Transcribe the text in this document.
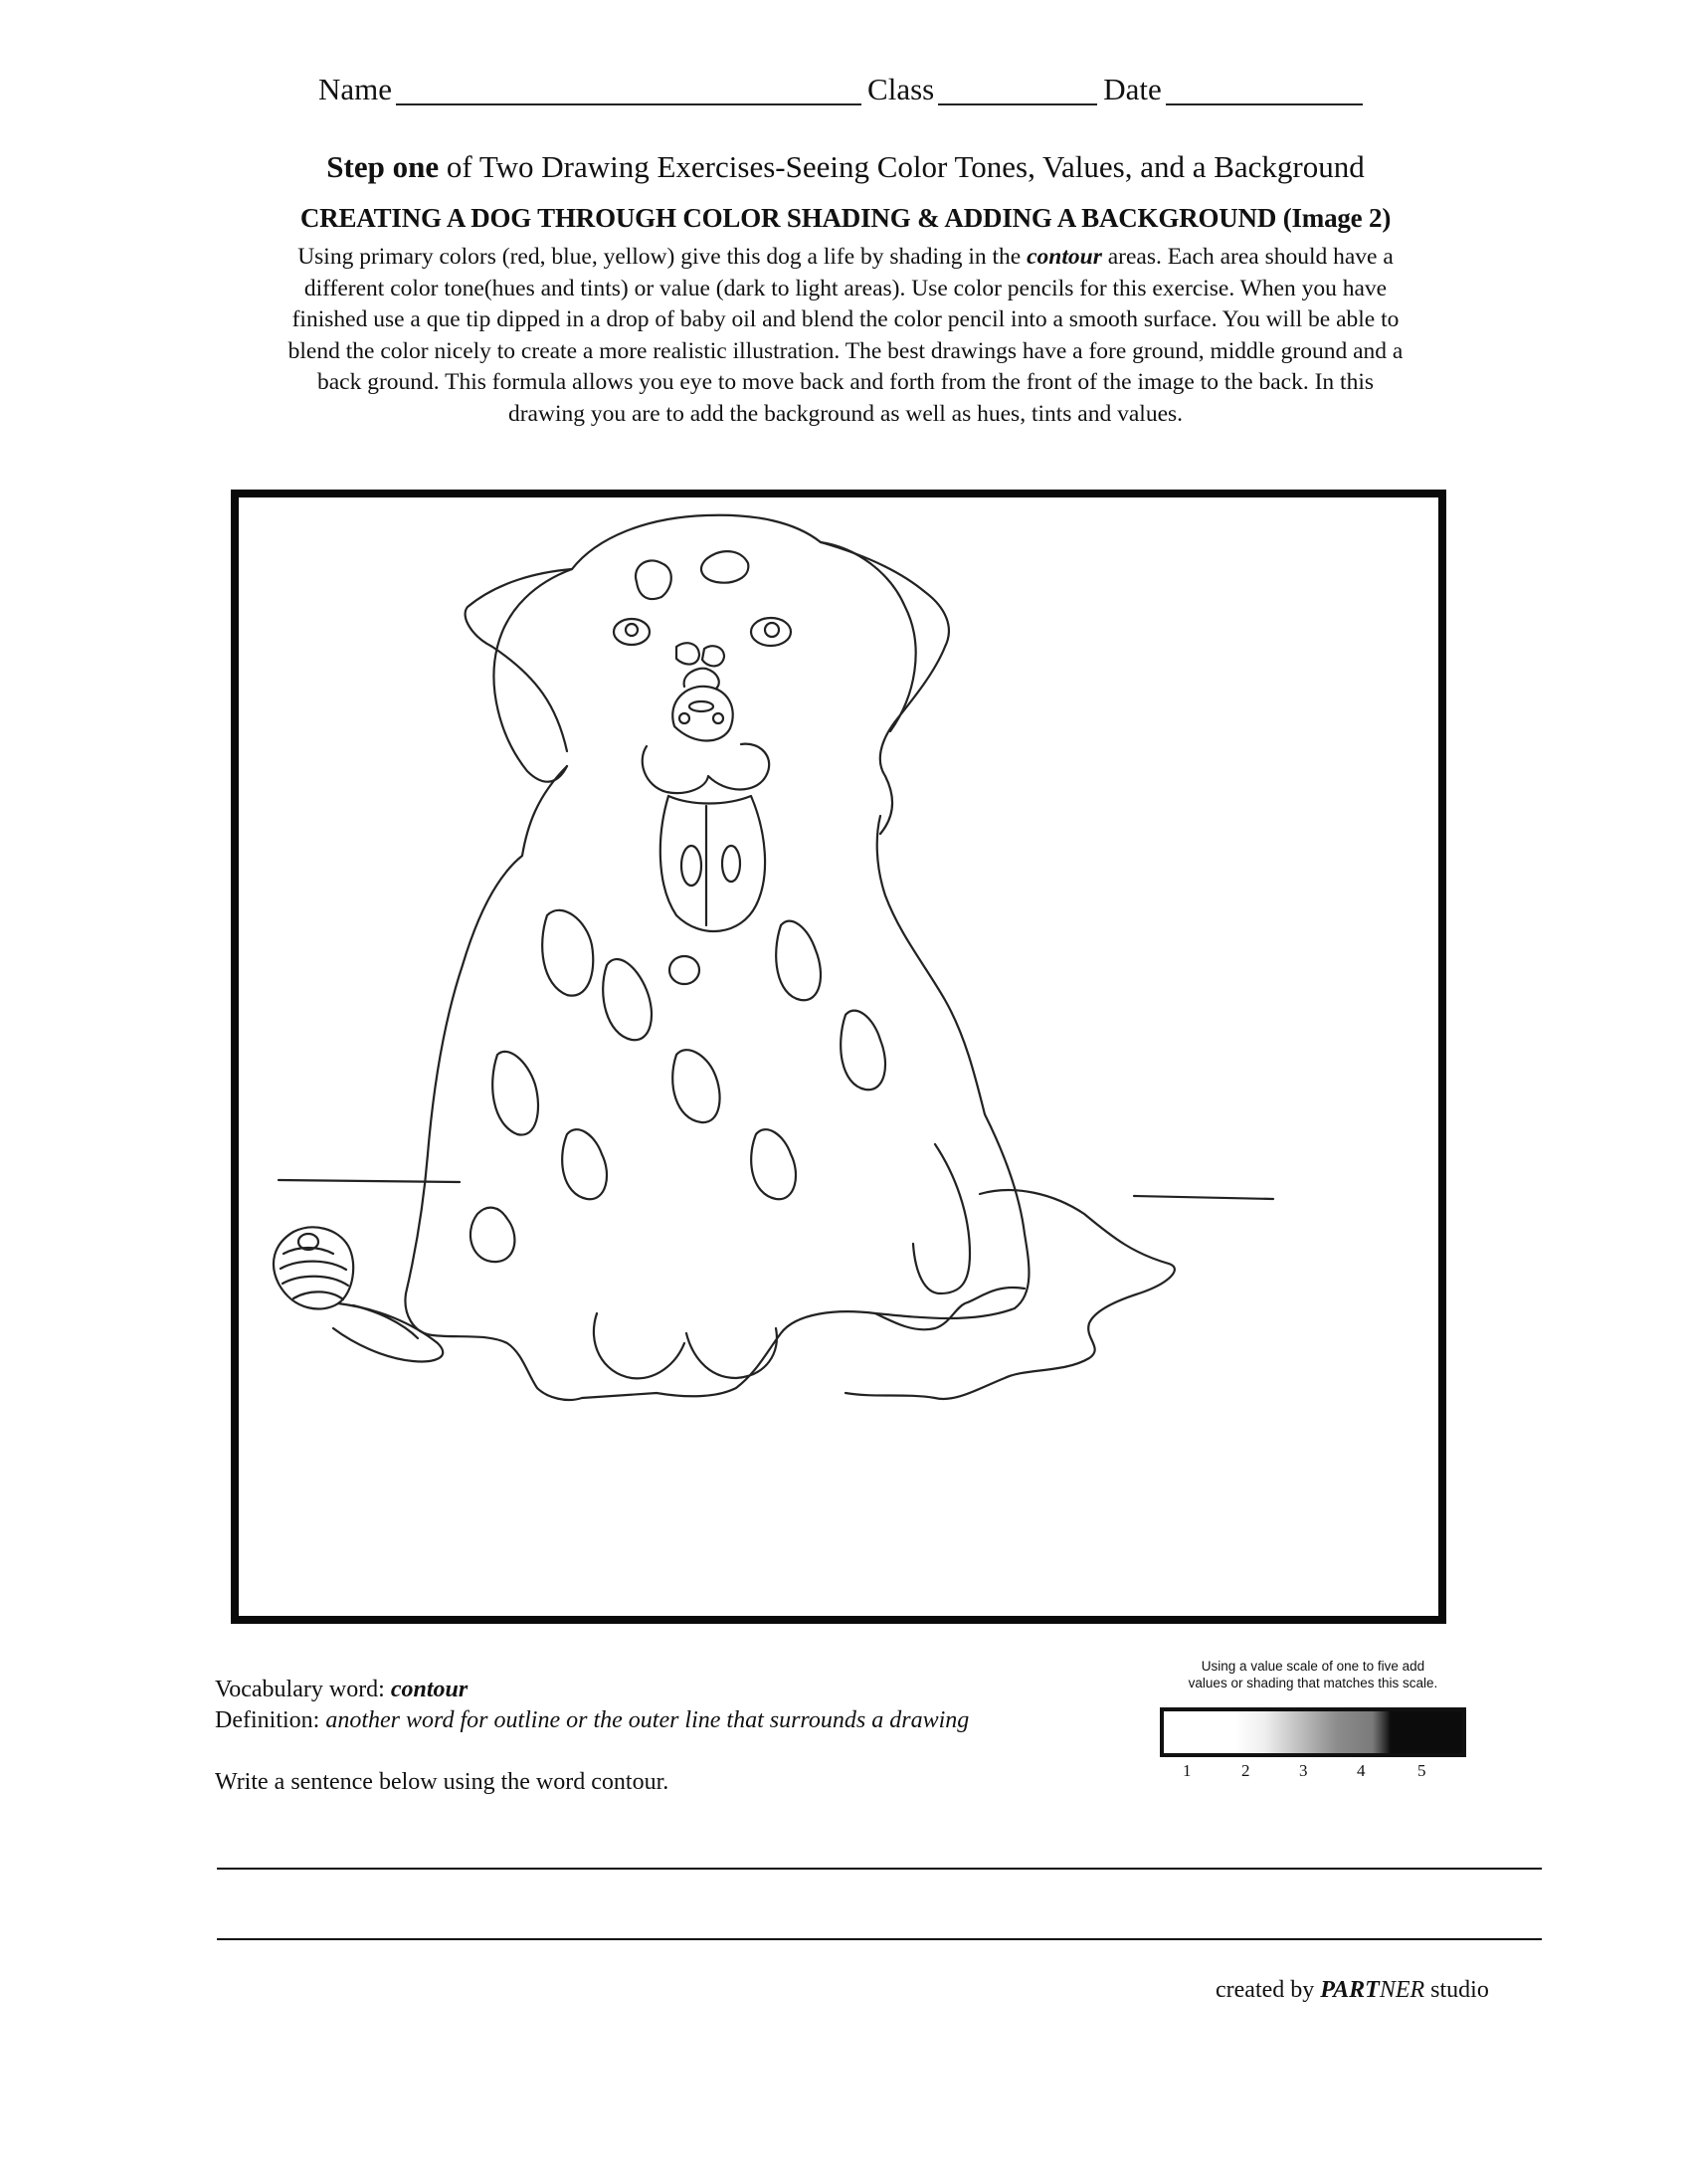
Name	Class	Date
Step one of Two Drawing Exercises-Seeing Color Tones, Values, and a Background
CREATING A DOG THROUGH COLOR SHADING & ADDING A BACKGROUND (Image 2)
Using primary colors (red, blue, yellow) give this dog a life by shading in the contour areas. Each area should have a different color tone(hues and tints) or value (dark to light areas). Use color pencils for this exercise. When you have finished use a que tip dipped in a drop of baby oil and blend the color pencil into a smooth surface. You will be able to blend the color nicely to create a more realistic illustration. The best drawings have a fore ground, middle ground and a back ground. This formula allows you eye to move back and forth from the front of the image to the back. In this drawing you are to add the background as well as hues, tints and values.
Vocabulary word: contour
Definition: another word for outline or the outer line that surrounds a drawing
Write a sentence below using the word contour.
Using a value scale of one to five add
values or shading that matches this scale.
1	2	3	4	5
created by PARTNER studio
